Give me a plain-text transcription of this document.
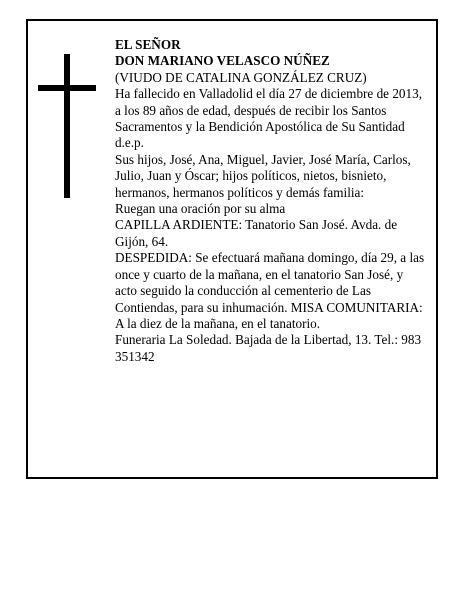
EL SEÑOR

DON MARIANO VELASCO NÚÑEZ

(VIUDO DE CATALINA GONZÁLEZ CRUZ)

Ha fallecido en Valladolid el día 27 de diciembre de 2013, a los 89 años de edad, después de recibir los Santos Sacramentos y la Bendición Apostólica de Su Santidad

d.e.p.

Sus hijos, José, Ana, Miguel, Javier, José María, Carlos, Julio, Juan y Óscar; hijos políticos, nietos, bisnieto, hermanos, hermanos políticos y demás familia:

Ruegan una oración por su alma

CAPILLA ARDIENTE: Tanatorio San José. Avda. de Gijón, 64.

DESPEDIDA: Se efectuará mañana domingo, día 29, a las once y cuarto de la mañana, en el tanatorio San José, y acto seguido la conducción al cementerio de Las Contiendas, para su inhumación. MISA COMUNITARIA: A la diez de la mañana, en el tanatorio.

Funeraria La Soledad. Bajada de la Libertad, 13. Tel.: 983 351342
